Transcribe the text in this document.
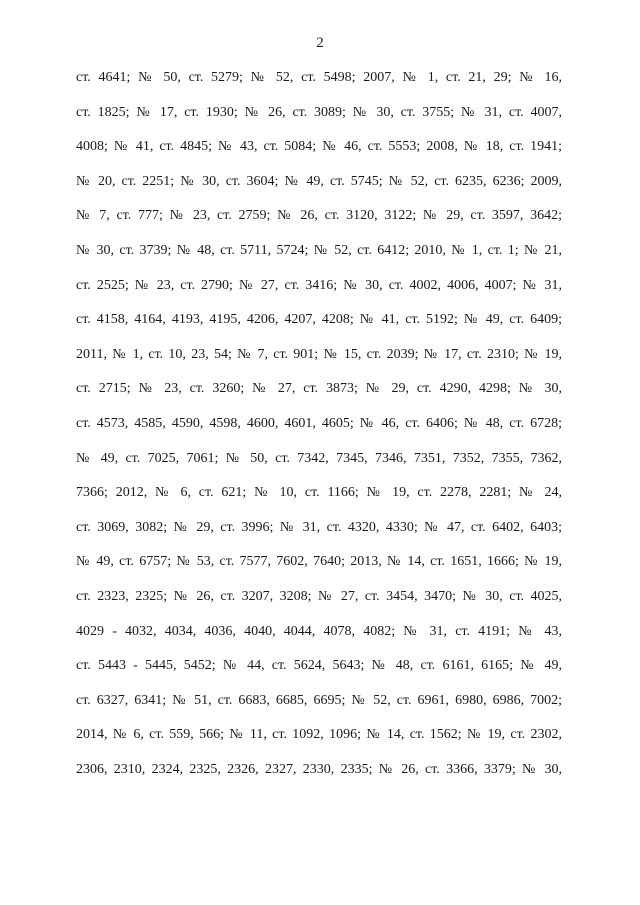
2
ст. 4641; № 50, ст. 5279; № 52, ст. 5498; 2007, № 1, ст. 21, 29; № 16,
ст. 1825; № 17, ст. 1930; № 26, ст. 3089; № 30, ст. 3755; № 31, ст. 4007,
4008; № 41, ст. 4845; № 43, ст. 5084; № 46, ст. 5553; 2008, № 18, ст. 1941;
№ 20, ст. 2251; № 30, ст. 3604; № 49, ст. 5745; № 52, ст. 6235, 6236; 2009,
№ 7, ст. 777; № 23, ст. 2759; № 26, ст. 3120, 3122; № 29, ст. 3597, 3642;
№ 30, ст. 3739; № 48, ст. 5711, 5724; № 52, ст. 6412; 2010, № 1, ст. 1; № 21,
ст. 2525; № 23, ст. 2790; № 27, ст. 3416; № 30, ст. 4002, 4006, 4007; № 31,
ст. 4158, 4164, 4193, 4195, 4206, 4207, 4208; № 41, ст. 5192; № 49, ст. 6409;
2011, № 1, ст. 10, 23, 54; № 7, ст. 901; № 15, ст. 2039; № 17, ст. 2310; № 19,
ст. 2715; № 23, ст. 3260; № 27, ст. 3873; № 29, ст. 4290, 4298; № 30,
ст. 4573, 4585, 4590, 4598, 4600, 4601, 4605; № 46, ст. 6406; № 48, ст. 6728;
№ 49, ст. 7025, 7061; № 50, ст. 7342, 7345, 7346, 7351, 7352, 7355, 7362,
7366; 2012, № 6, ст. 621; № 10, ст. 1166; № 19, ст. 2278, 2281; № 24,
ст. 3069, 3082; № 29, ст. 3996; № 31, ст. 4320, 4330; № 47, ст. 6402, 6403;
№ 49, ст. 6757; № 53, ст. 7577, 7602, 7640; 2013, № 14, ст. 1651, 1666; № 19,
ст. 2323, 2325; № 26, ст. 3207, 3208; № 27, ст. 3454, 3470; № 30, ст. 4025,
4029 - 4032, 4034, 4036, 4040, 4044, 4078, 4082; № 31, ст. 4191; № 43,
ст. 5443 - 5445, 5452; № 44, ст. 5624, 5643; № 48, ст. 6161, 6165; № 49,
ст. 6327, 6341; № 51, ст. 6683, 6685, 6695; № 52, ст. 6961, 6980, 6986, 7002;
2014, № 6, ст. 559, 566; № 11, ст. 1092, 1096; № 14, ст. 1562; № 19, ст. 2302,
2306, 2310, 2324, 2325, 2326, 2327, 2330, 2335; № 26, ст. 3366, 3379; № 30,
